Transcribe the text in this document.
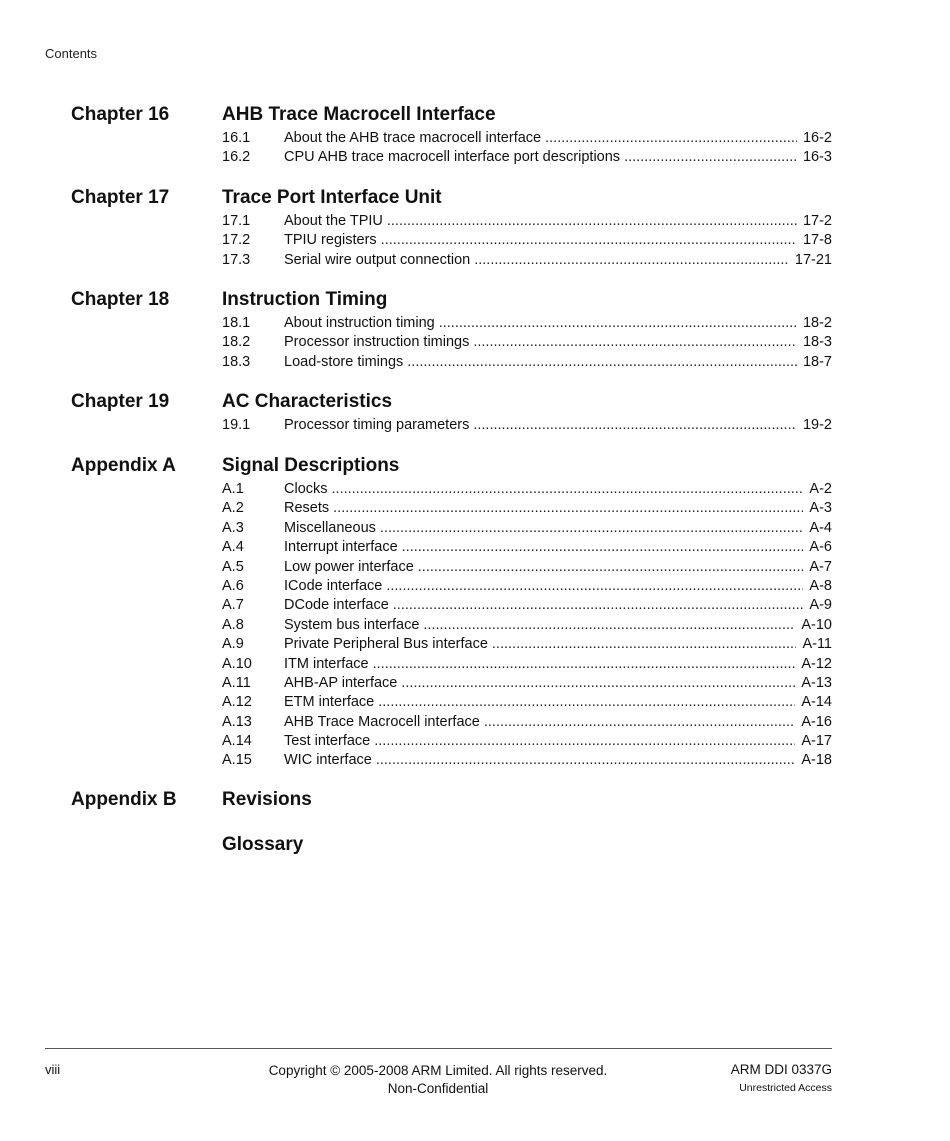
Contents
Chapter 16	AHB Trace Macrocell Interface
16.1 About the AHB trace macrocell interface .....	16-2
16.2 CPU AHB trace macrocell interface port descriptions .....	16-3
Chapter 17	Trace Port Interface Unit
17.1 About the TPIU .....	17-2
17.2 TPIU registers .....	17-8
17.3 Serial wire output connection .....	17-21
Chapter 18	Instruction Timing
18.1 About instruction timing .....	18-2
18.2 Processor instruction timings .....	18-3
18.3 Load-store timings .....	18-7
Chapter 19	AC Characteristics
19.1 Processor timing parameters .....	19-2
Appendix A Signal Descriptions
A.1	Clocks .....	A-2
A.2	Resets .....	A-3
A.3	Miscellaneous .....	A-4
A.4	Interrupt interface .....	A-6
A.5	Low power interface .....	A-7
A.6	ICode interface .....	A-8
A.7	DCode interface .....	A-9
A.8	System bus interface .....	A-10
A.9	Private Peripheral Bus interface .....	A-11
A.10 ITM interface .....	A-12
A.11 AHB-AP interface .....	A-13
A.12 ETM interface .....	A-14
A.13 AHB Trace Macrocell interface .....	A-16
A.14 Test interface .....	A-17
A.15 WIC interface .....	A-18
Appendix B Revisions
Glossary
viii	Copyright © 2005-2008 ARM Limited. All rights reserved.
Non-Confidential
ARM DDI 0337G
Unrestricted Access
